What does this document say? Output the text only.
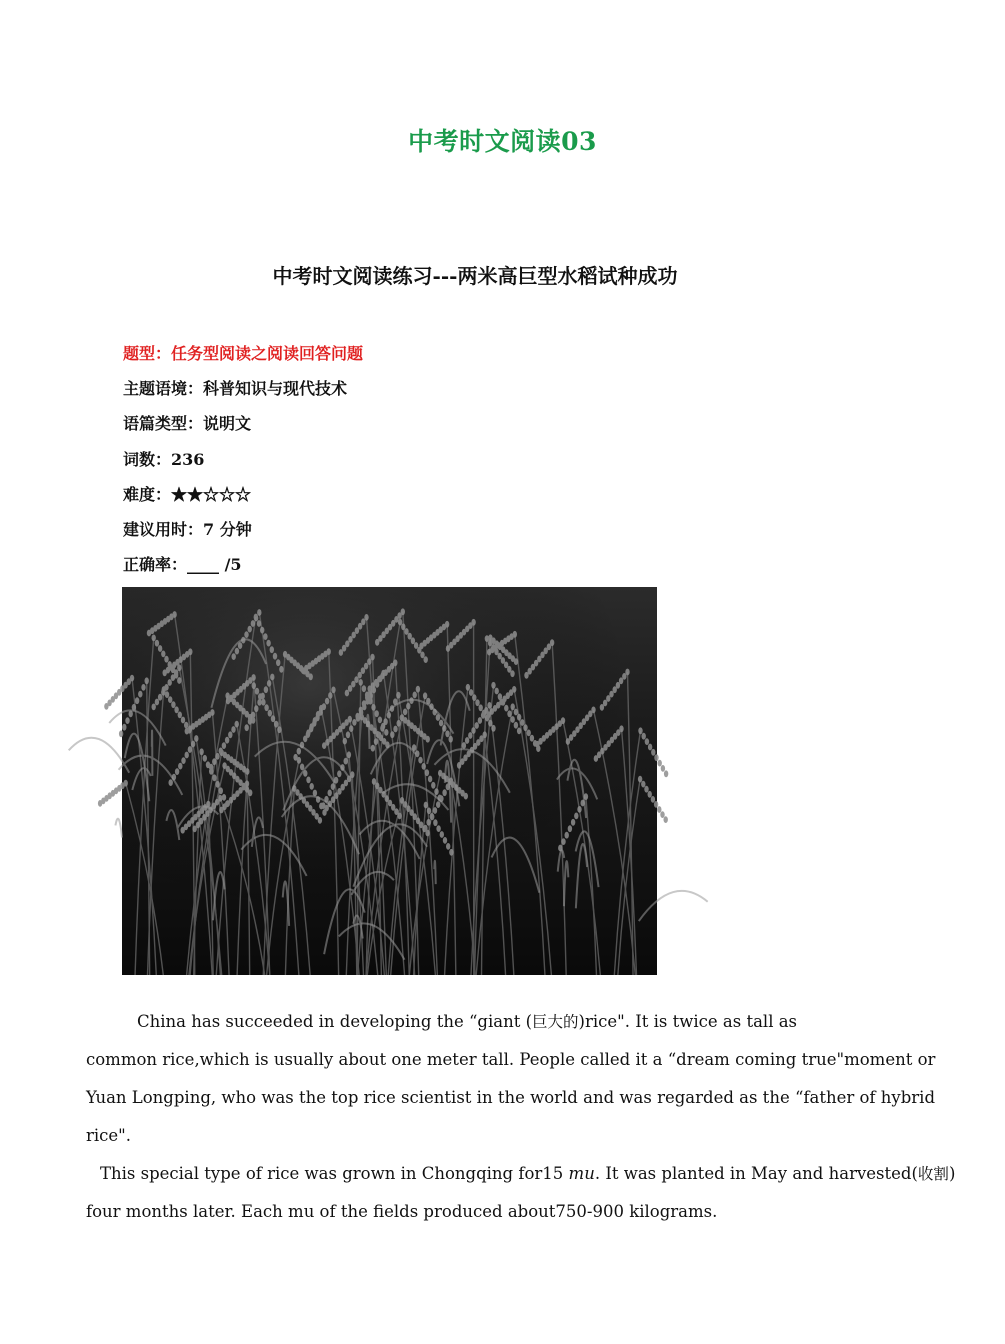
中考时文阅读03
中考时文阅读练习---两米高巨型水稻试种成功
题型：任务型阅读之阅读回答问题
主题语境：科普知识与现代技术
语篇类型：说明文
词数：236
难度：★★☆☆☆
建议用时：7 分钟
正确率：____ /5

China has succeeded in developing the “giant (巨大的)rice". It is twice as tall as
common rice,which is usually about one meter tall. People called it a “dream coming true"moment or
Yuan Longping, who was the top rice scientist in the world and was regarded as the “father of hybrid
rice".

This special type of rice was grown in Chongqing for15 mu. It was planted in May and harvested(收割)
four months later. Each mu of the fields produced about750-900 kilograms.
